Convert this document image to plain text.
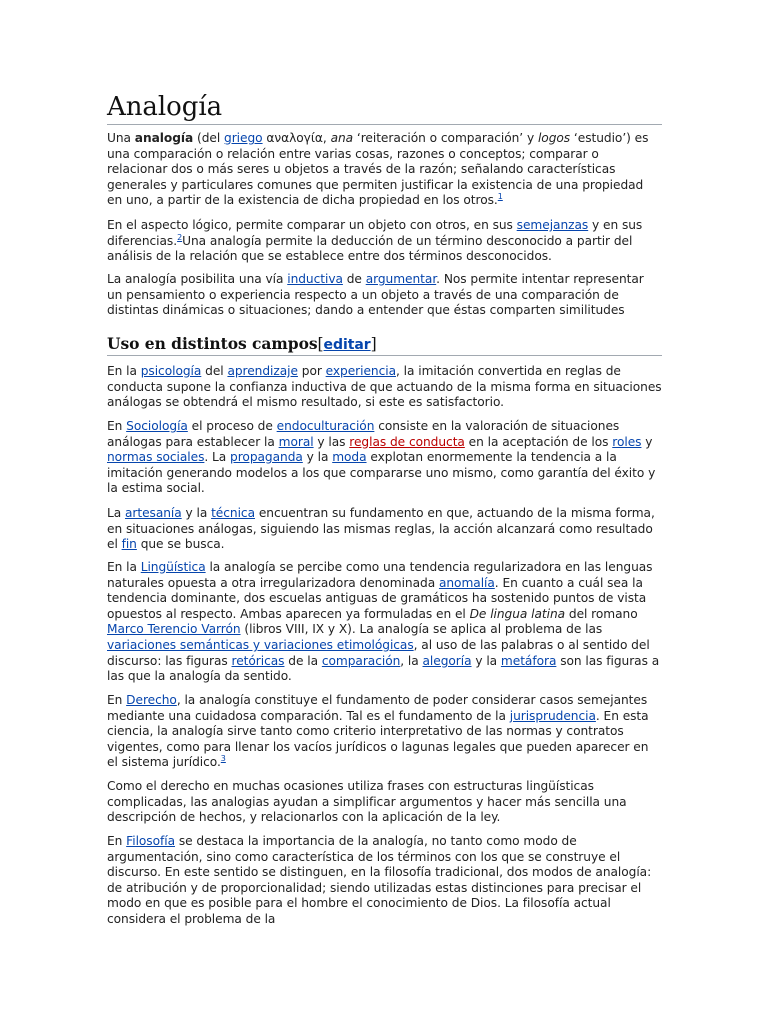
Analogía

Una analogía (del griego αναλογία, ana ‘reiteración o comparación’ y logos ‘estudio’) es una comparación o relación entre varias cosas, razones o conceptos; comparar o relacionar dos o más seres u objetos a través de la razón; señalando características generales y particulares comunes que permiten justificar la existencia de una propiedad en uno, a partir de la existencia de dicha propiedad en los otros.$^1$

En el aspecto lógico, permite comparar un objeto con otros, en sus semejanzas y en sus diferencias.$^2$Una analogía permite la deducción de un término desconocido a partir del análisis de la relación que se establece entre dos términos desconocidos.

La analogía posibilita una vía inductiva de argumentar. Nos permite intentar representar un pensamiento o experiencia respecto a un objeto a través de una comparación de distintas dinámicas o situaciones; dando a entender que éstas comparten similitudes

Uso en distintos campos[editar]

En la psicología del aprendizaje por experiencia, la imitación convertida en reglas de conducta supone la confianza inductiva de que actuando de la misma forma en situaciones análogas se obtendrá el mismo resultado, si este es satisfactorio.

En Sociología el proceso de endoculturación consiste en la valoración de situaciones análogas para establecer la moral y las reglas de conducta en la aceptación de los roles y normas sociales. La propaganda y la moda explotan enormemente la tendencia a la imitación generando modelos a los que compararse uno mismo, como garantía del éxito y la estima social.

La artesanía y la técnica encuentran su fundamento en que, actuando de la misma forma, en situaciones análogas, siguiendo las mismas reglas, la acción alcanzará como resultado el fin que se busca.

En la Lingüística la analogía se percibe como una tendencia regularizadora en las lenguas naturales opuesta a otra irregularizadora denominada anomalía. En cuanto a cuál sea la tendencia dominante, dos escuelas antiguas de gramáticos ha sostenido puntos de vista opuestos al respecto. Ambas aparecen ya formuladas en el De lingua latina del romano Marco Terencio Varrón (libros VIII, IX y X). La analogía se aplica al problema de las variaciones semánticas y variaciones etimológicas, al uso de las palabras o al sentido del discurso: las figuras retóricas de la comparación, la alegoría y la metáfora son las figuras a las que la analogía da sentido.

En Derecho, la analogía constituye el fundamento de poder considerar casos semejantes mediante una cuidadosa comparación. Tal es el fundamento de la jurisprudencia. En esta ciencia, la analogía sirve tanto como criterio interpretativo de las normas y contratos vigentes, como para llenar los vacíos jurídicos o lagunas legales que pueden aparecer en el sistema jurídico.$^3$

Como el derecho en muchas ocasiones utiliza frases con estructuras lingüísticas complicadas, las analogias ayudan a simplificar argumentos y hacer más sencilla una descripción de hechos, y relacionarlos con la aplicación de la ley.

En Filosofía se destaca la importancia de la analogía, no tanto como modo de argumentación, sino como característica de los términos con los que se construye el discurso. En este sentido se distinguen, en la filosofía tradicional, dos modos de analogía: de atribución y de proporcionalidad; siendo utilizadas estas distinciones para precisar el modo en que es posible para el hombre el conocimiento de Dios. La filosofía actual considera el problema de la
